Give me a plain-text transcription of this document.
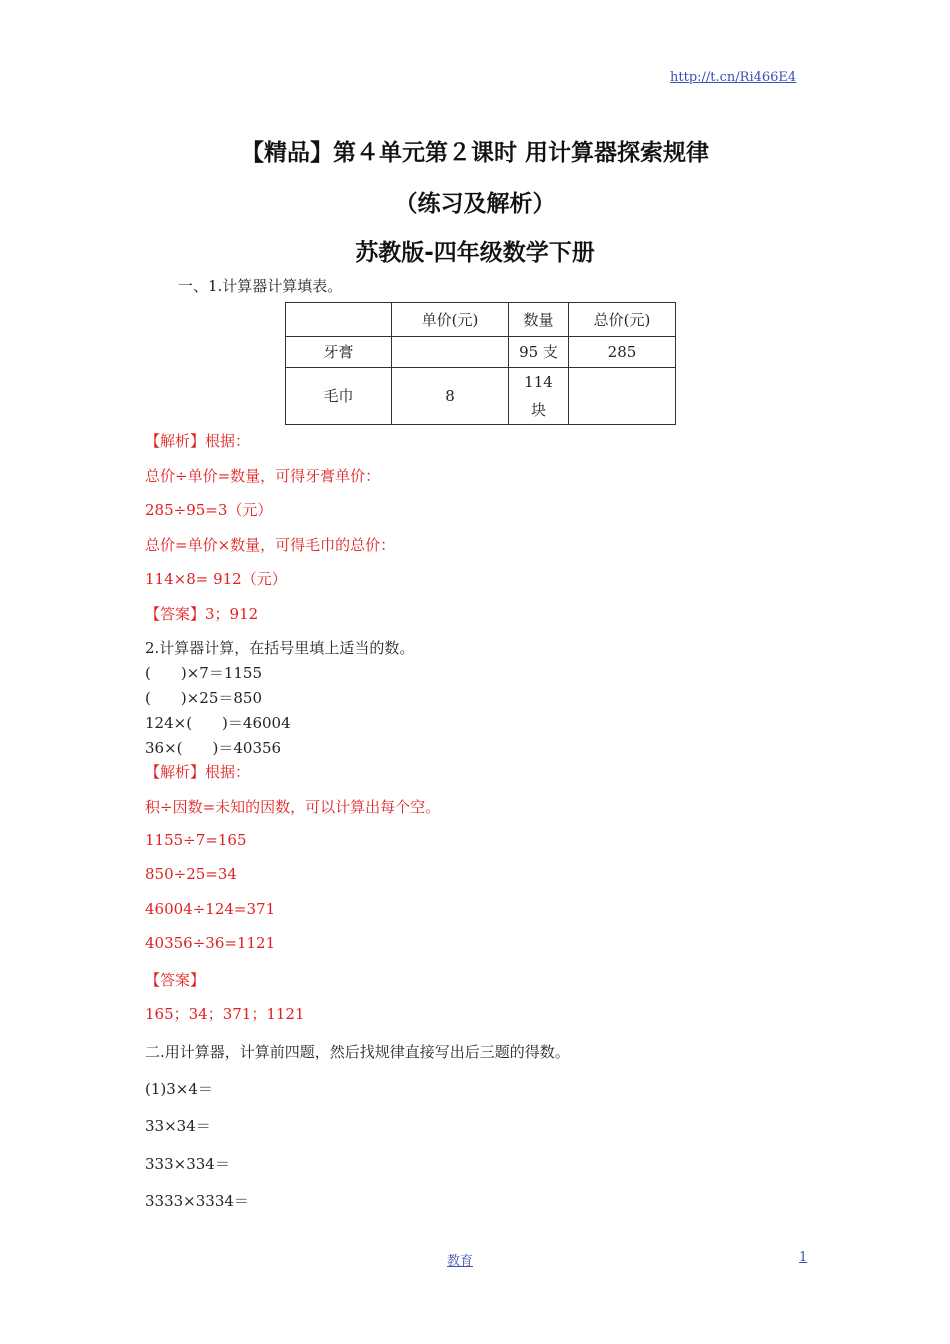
http://t.cn/Ri466E4
【精品】第４单元第２课时 用计算器探索规律
（练习及解析）
苏教版-四年级数学下册
一、1.计算器计算填表。
	单价(元)	数量	总价(元)
牙膏		95 支	285
毛巾	8	114
块	

【解析】根据：
总价÷单价=数量，可得牙膏单价：
285÷95=3（元）
总价=单价×数量，可得毛巾的总价：
114×8= 912（元）
【答案】3；912
2.计算器计算，在括号里填上适当的数。
(　　)×7＝1155
(　　)×25＝850
124×(　　)＝46004
36×(　　)＝40356
【解析】根据：
积÷因数=未知的因数，可以计算出每个空。
1155÷7=165
850÷25=34
46004÷124=371
40356÷36=1121
【答案】
165；34；371；1121
二.用计算器，计算前四题，然后找规律直接写出后三题的得数。
(1)3×4＝
33×34＝
333×334＝
3333×3334＝
教育	1
